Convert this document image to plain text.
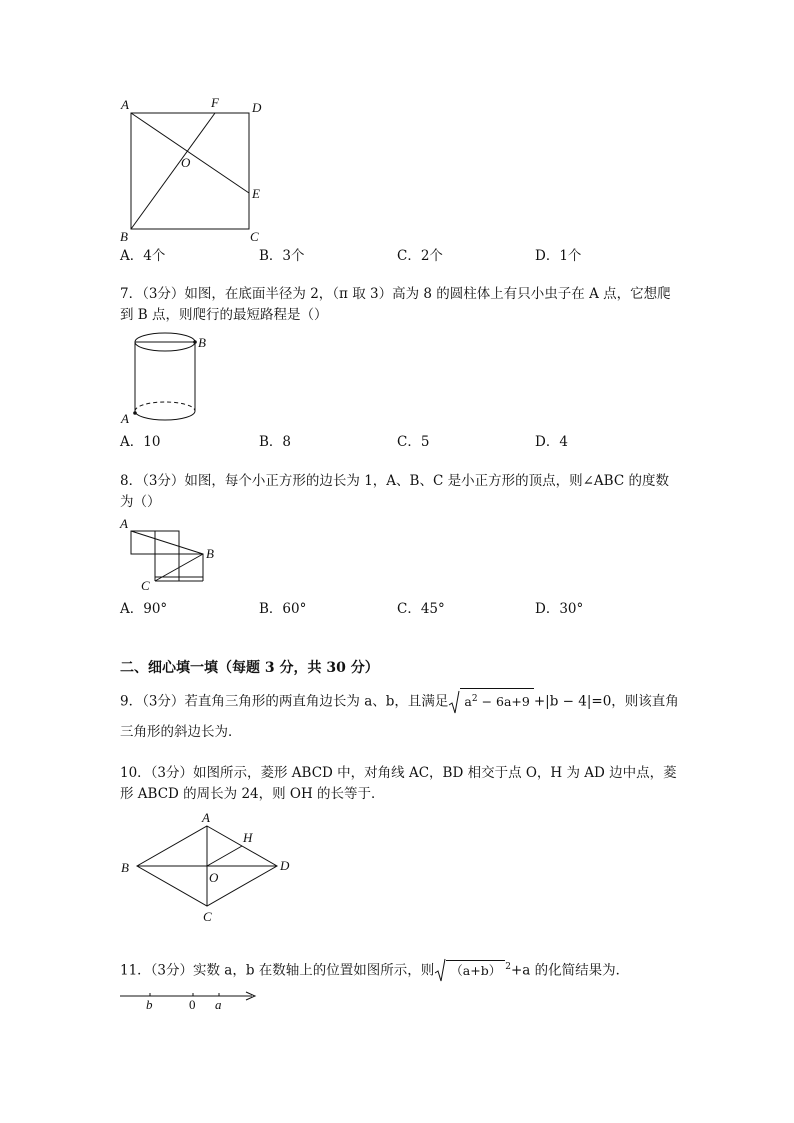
A	F	D
O
E
B	C
A．4个	B．3个	C．2个	D．1个
7．（3分）如图，在底面半径为 2，（π 取 3）高为 8 的圆柱体上有只小虫子在 A 点，它想爬
到 B 点，则爬行的最短路程是（）
B
A
A．10	B．8	C．5	D．4
8．（3分）如图，每个小正方形的边长为 1，A、B、C 是小正方形的顶点，则∠ABC 的度数
为（）
A
B
C
A．90°	B．60°	C．45°	D．30°
二、细心填一填（每题 3 分，共 30 分）
9．（3分）若直角三角形的两直角边长为 a、b，且满足 $a^2 - 6a+9 +|b - 4|=0$，则该直角
三角形的斜边长为．
10．（3分）如图所示，菱形 ABCD 中，对角线 AC，BD 相交于点 O，H 为 AD 边中点，菱
形 ABCD 的周长为 24，则 OH 的长等于．
A
H
B
O
D
C
11．（3分）实数 a，b 在数轴上的位置如图所示，则 （a+b） $^2$+a 的化简结果为．
b	0 a
